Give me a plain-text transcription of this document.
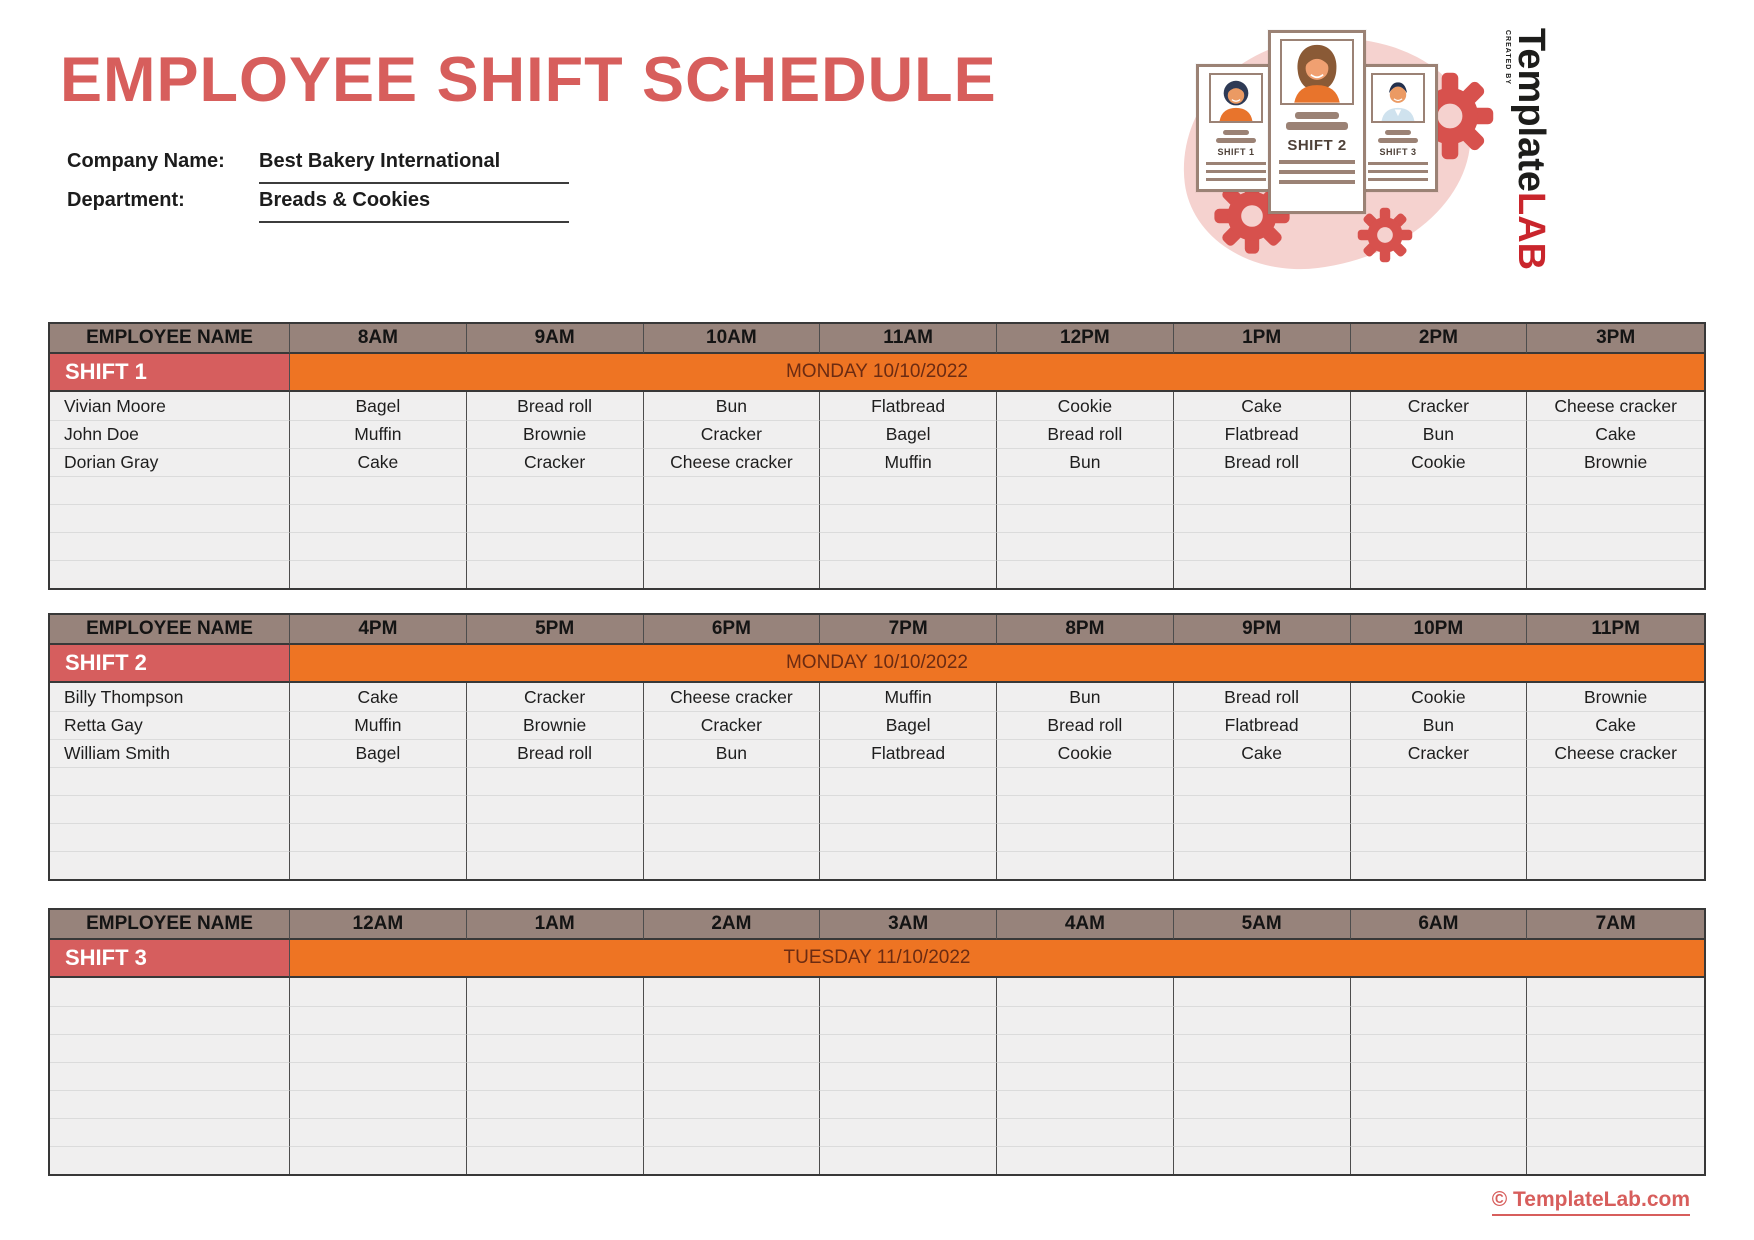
EMPLOYEE SHIFT SCHEDULE
Company Name:	Best Bakery International
Department:	Breads & Cookies
SHIFT 1	SHIFT 3
SHIFT 2
CREATED BY TemplateLAB
EMPLOYEE NAME	8AM	9AM	10AM	11AM	12PM	1PM	2PM	3PM
SHIFT 1	MONDAY 10/10/2022
Vivian Moore	Bagel	Bread roll	Bun	Flatbread	Cookie	Cake	Cracker	Cheese cracker
John Doe	Muffin	Brownie	Cracker	Bagel	Bread roll	Flatbread	Bun	Cake
Dorian Gray	Cake	Cracker	Cheese cracker	Muffin	Bun	Bread roll	Cookie	Brownie
EMPLOYEE NAME	4PM	5PM	6PM	7PM	8PM	9PM	10PM	11PM
SHIFT 2	MONDAY 10/10/2022
Billy Thompson	Cake	Cracker	Cheese cracker	Muffin	Bun	Bread roll	Cookie	Brownie
Retta Gay	Muffin	Brownie	Cracker	Bagel	Bread roll	Flatbread	Bun	Cake
William Smith	Bagel	Bread roll	Bun	Flatbread	Cookie	Cake	Cracker	Cheese cracker
EMPLOYEE NAME	12AM	1AM	2AM	3AM	4AM	5AM	6AM	7AM
SHIFT 3	TUESDAY 11/10/2022
© TemplateLab.com
